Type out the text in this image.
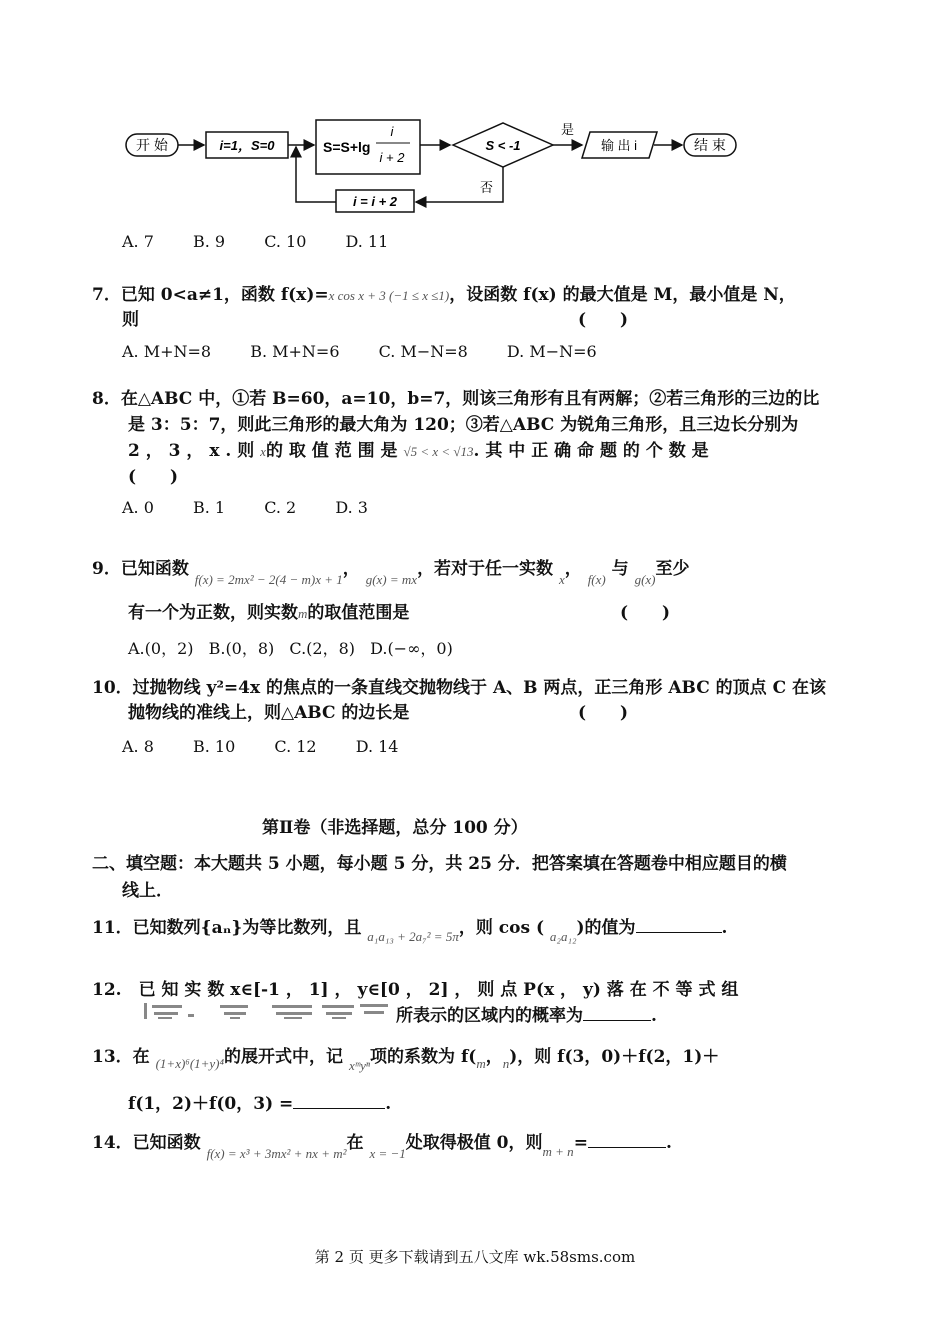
开 始	i=1，S=0	S=S+lg
i
i + 2
S < -1
是
输 出 i	结 束
否
i = i + 2
A. 7 B. 9 C. 10 D. 11
7．已知 0<a≠1，函数 f(x)=x cos x + 3 (−1 ≤ x ≤1)，设函数 f(x) 的最大值是 M，最小值是 N，
则	(　　)
A. M+N=8 B. M+N=6 C. M−N=8 D. M−N=6
8．在△ABC 中，①若 B=60，a=10，b=7，则该三角形有且有两解；②若三角形的三边的比
是 3：5：7，则此三角形的最大角为 120；③若△ABC 为锐角三角形，且三边长分别为
2 ， 3 ， x . 则 x的 取 值 范 围 是 √5 < x < √13. 其 中 正 确 命 题 的 个 数 是
(　　)
A. 0 B. 1 C. 2 D. 3
9．已知函数 $_{f(x) = 2mx^2 - 2(4 - m)x + 1}$， $_{g(x) = mx}$，若对于任一实数 $_x$， $_{f(x)}$ 与 $_{g(x)}$至少
有一个为正数，则实数m的取值范围是	(　　)
A.(0，2) B.(0，8) C.(2，8) D.(−∞，0)
10．过抛物线 y²=4x 的焦点的一条直线交抛物线于 A、B 两点，正三角形 ABC 的顶点 C 在该
抛物线的准线上，则△ABC 的边长是	(　　)
A. 8 B. 10 C. 12 D. 14
第Ⅱ卷（非选择题，总分 100 分）
二、填空题：本大题共 5 小题，每小题 5 分，共 25 分．把答案填在答题卷中相应题目的横
线上．
11．已知数列{aₙ}为等比数列，且 $_{a_1a_{13} + 2a_7^2 = 5\pi}$，则 cos ( $_{a_2a_{12}}$)的值为	.
12.　已 知 实 数 x∈[-1 ， 1] ， y∈[0 ， 2] ， 则 点 P(x ， y) 落 在 不 等 式 组
所表示的区域内的概率为	.
13．在 $_{(1+x)^6(1+y)^4}$的展开式中，记 $_{xᵐy^n}$项的系数为 $f(_m$，$_n$)，则 f(3，0)＋f(2，1)＋
f(1，2)＋f(0，3) =	.
14．已知函数 $_{f(x) = x^3 + 3mx^2 + nx + m^2}$在 $_{x = -1}$处取得极值 0，则$_{m + n}$=	.
第 2 页 更多下载请到五八文库 wk.58sms.com
